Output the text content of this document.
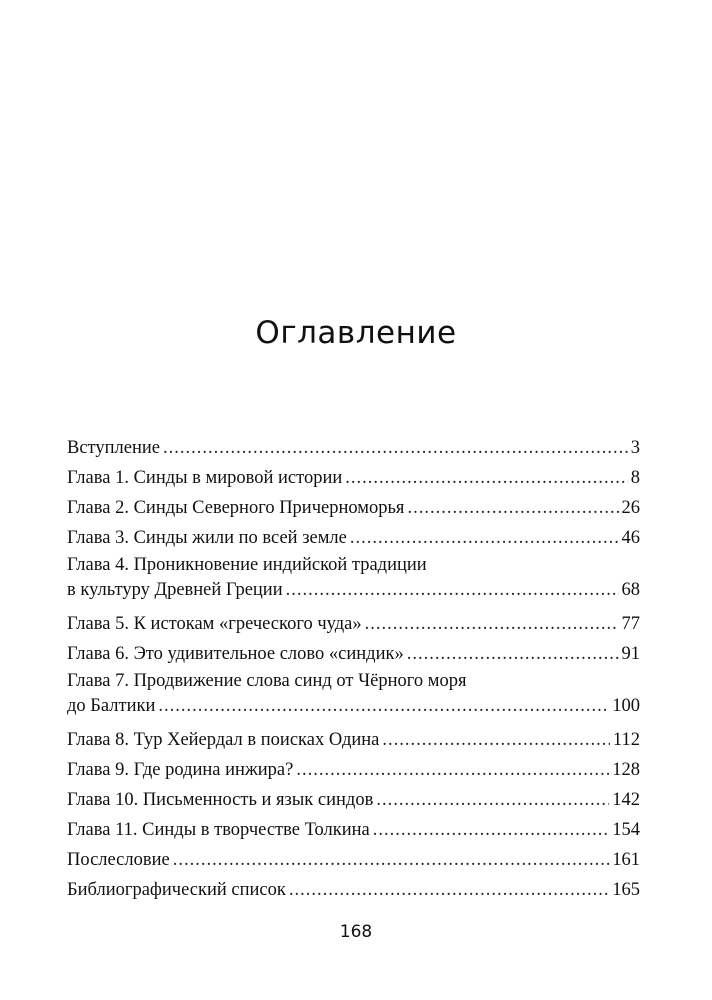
Оглавление
Вступление .....	3
Глава 1. Синды в мировой истории .....	8
Глава 2. Синды Северного Причерноморья .....	26
Глава 3. Синды жили по всей земле .....	46
Глава 4. Проникновение индийской традиции
в культуру Древней Греции .....	68
Глава 5. К истокам «греческого чуда» .....	77
Глава 6. Это удивительное слово «синдик» .....	91
Глава 7. Продвижение слова синд от Чёрного моря
до Балтики .....	100
Глава 8. Тур Хейердал в поисках Одина .....	112
Глава 9. Где родина инжира? .....	128
Глава 10. Письменность и язык синдов .....	142
Глава 11. Синды в творчестве Толкина .....	154
Послесловие .....	161
Библиографический список .....	165
168
